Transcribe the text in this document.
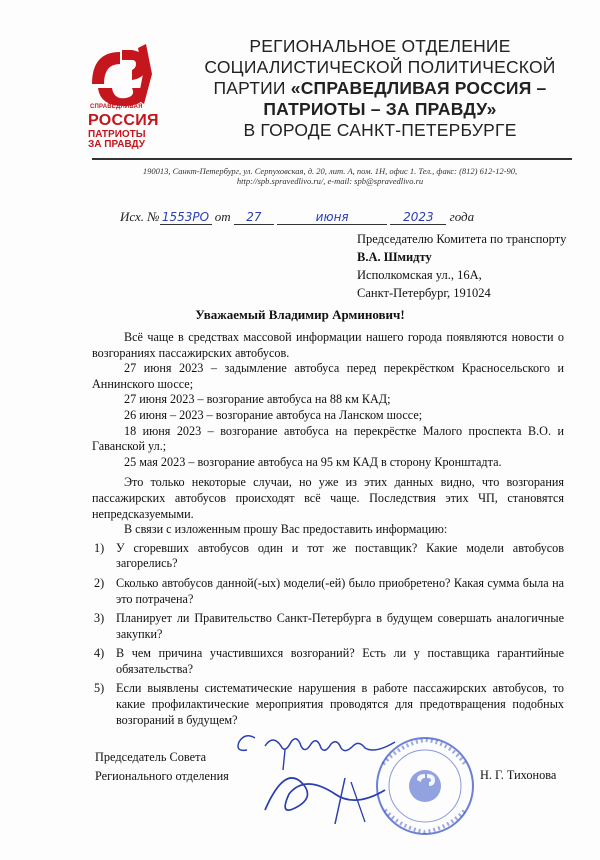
СПРАВЕДЛИВАЯ
РОССИЯ
ПАТРИОТЫ
ЗА ПРАВДУ
РЕГИОНАЛЬНОЕ ОТДЕЛЕНИЕ
СОЦИАЛИСТИЧЕСКОЙ ПОЛИТИЧЕСКОЙ
ПАРТИИ «СПРАВЕДЛИВАЯ РОССИЯ –
ПАТРИОТЫ – ЗА ПРАВДУ»
В ГОРОДЕ САНКТ-ПЕТЕРБУРГЕ
190013, Санкт-Петербург, ул. Серпуховская, д. 20, лит. А, пом. 1Н, офис 1. Тел., факс: (812) 612-12-90,
http://spb.spravedlivo.ru/, e-mail: spb@spravedlivo.ru
Исх. № 1553РО от 27	июня	2023 года
Председателю Комитета по транспорту
В.А. Шмидту
Исполкомская ул., 16А,
Санкт-Петербург, 191024
Уважаемый Владимир Арминович!

Всё чаще в средствах массовой информации нашего города появляются новости о возгораниях пассажирских автобусов.

27 июня 2023 – задымление автобуса перед перекрёстком Красносельского и Аннинского шоссе;

27 июня 2023 – возгорание автобуса на 88 км КАД;

26 июня – 2023 – возгорание автобуса на Ланском шоссе;

18 июня 2023 – возгорание автобуса на перекрёстке Малого проспекта В.О. и Гаванской ул.;

25 мая 2023 – возгорание автобуса на 95 км КАД в сторону Кронштадта.

Это только некоторые случаи, но уже из этих данных видно, что возгорания пассажирских автобусов происходят всё чаще. Последствия этих ЧП, становятся непредсказуемыми.

В связи с изложенным прошу Вас предоставить информацию:

1) У сгоревших автобусов один и тот же поставщик? Какие модели автобусов загорелись?
2) Сколько автобусов данной(-ых) модели(-ей) было приобретено? Какая сумма была на это потрачена?
3) Планирует ли Правительство Санкт-Петербурга в будущем совершать аналогичные закупки?
4) В чем причина участившихся возгораний? Есть ли у поставщика гарантийные обязательства?
5) Если выявлены систематические нарушения в работе пассажирских автобусов, то какие профилактические мероприятия проводятся для предотвращения подобных возгораний в будущем?
Председатель Совета
Регионального отделения	Н. Г. Тихонова
